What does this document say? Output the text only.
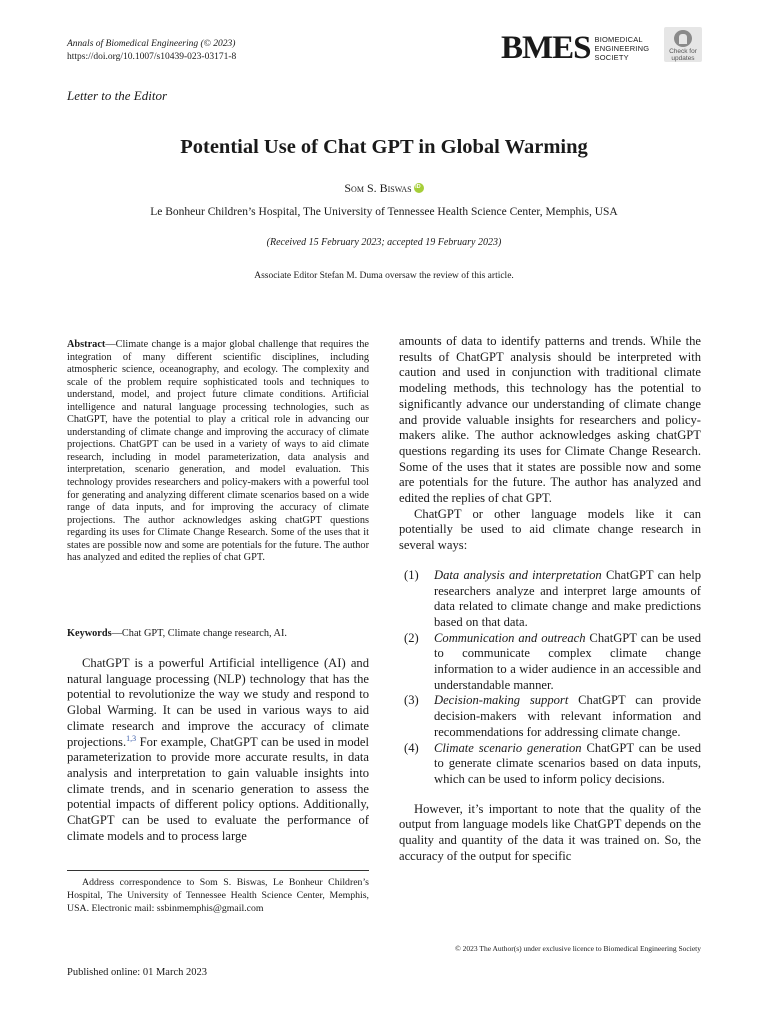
Annals of Biomedical Engineering (© 2023)
https://doi.org/10.1007/s10439-023-03171-8	BMES BIOMEDICAL
ENGINEERING
SOCIETY
Check for
updates
Letter to the Editor
Potential Use of Chat GPT in Global Warming
Som S. BiswasiD
Le Bonheur Children’s Hospital, The University of Tennessee Health Science Center, Memphis, USA
(Received 15 February 2023; accepted 19 February 2023)
Associate Editor Stefan M. Duma oversaw the review of this article.
Abstract—Climate change is a major global challenge that requires the integration of many different scientific disciplines, including atmospheric science, oceanography, and ecology. The complexity and scale of the problem require sophisticated tools and techniques to understand, model, and project future climate conditions. Artificial intelligence and natural language processing technologies, such as ChatGPT, have the potential to play a critical role in advancing our understanding of climate change and improving the accuracy of climate projections. ChatGPT can be used in a variety of ways to aid climate research, including in model parameterization, data analysis and interpretation, scenario generation, and model evaluation. This technology provides researchers and policy-makers with a powerful tool for generating and analyzing different climate scenarios based on a wide range of data inputs, and for improving the accuracy of climate projections. The author acknowledges asking chatGPT questions regarding its uses for Climate Change Research. Some of the uses that it states are possible now and some are potentials for the future. The author has analyzed and edited the replies of chat GPT.
Keywords—Chat GPT, Climate change research, AI.

ChatGPT is a powerful Artificial intelligence (AI) and natural language processing (NLP) technology that has the potential to revolutionize the way we study and respond to Global Warming. It can be used in various ways to aid climate research and improve the accuracy of climate projections.$^{1,3}$ For example, ChatGPT can be used in model parameterization to provide more accurate results, in data analysis and interpretation to gain valuable insights into climate trends, and in scenario generation to assess the potential impacts of different policy options. Additionally, ChatGPT can be used to evaluate the performance of climate models and to process large

Address correspondence to Som S. Biswas, Le Bonheur Children’s Hospital, The University of Tennessee Health Science Center, Memphis, USA. Electronic mail: ssbinmemphis@gmail.com

amounts of data to identify patterns and trends. While the results of ChatGPT analysis should be interpreted with caution and used in conjunction with traditional climate modeling methods, this technology has the potential to significantly advance our understanding of climate change and provide valuable insights for researchers and policy-makers alike. The author acknowledges asking chatGPT questions regarding its uses for Climate Change Research. Some of the uses that it states are possible now and some are potentials for the future. The author has analyzed and edited the replies of chat GPT.

ChatGPT or other language models like it can potentially be used to aid climate change research in several ways:

(1) Data analysis and interpretation ChatGPT can help researchers analyze and interpret large amounts of data related to climate change and make predictions based on that data.
(2) Communication and outreach ChatGPT can be used to communicate complex climate change information to a wider audience in an accessible and understandable manner.
(3) Decision-making support ChatGPT can provide decision-makers with relevant information and recommendations for addressing climate change.
(4) Climate scenario generation ChatGPT can be used to generate climate scenarios based on data inputs, which can be used to inform policy decisions.

However, it’s important to note that the quality of the output from language models like ChatGPT depends on the quality and quantity of the data it was trained on. So, the accuracy of the output for specific

© 2023 The Author(s) under exclusive licence to Biomedical Engineering Society
Published online: 01 March 2023
